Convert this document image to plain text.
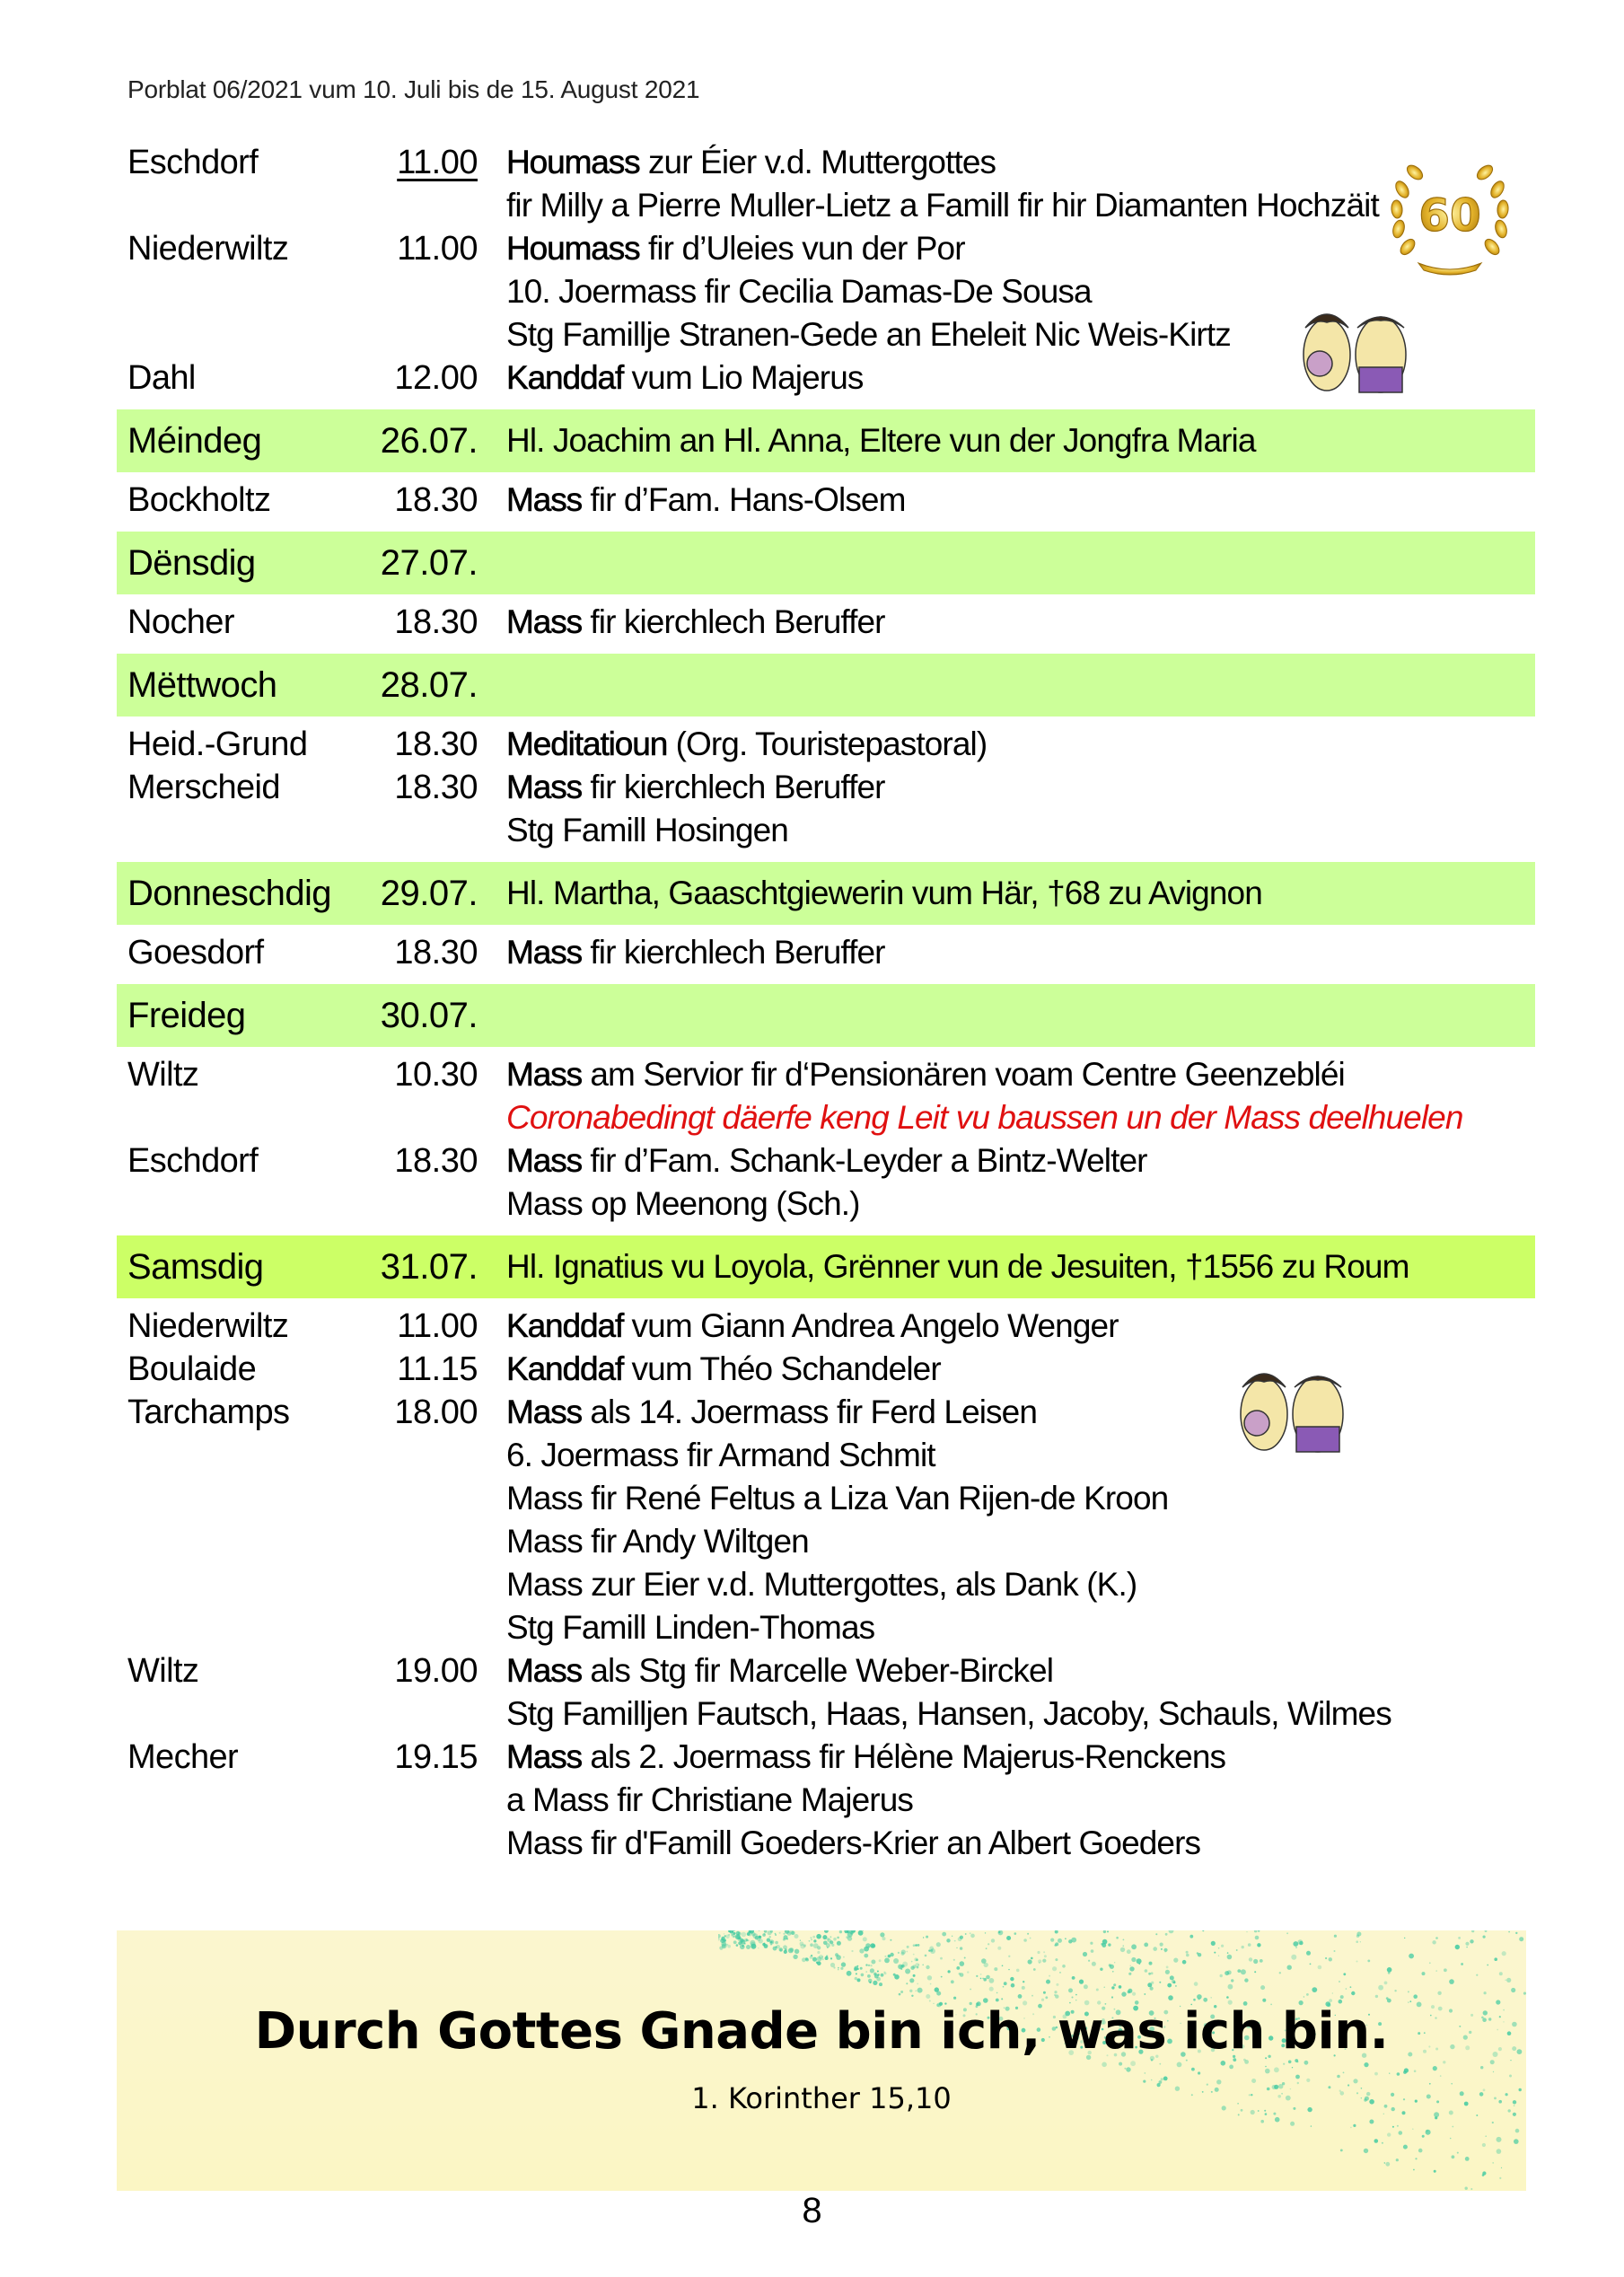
Porblat 06/2021 vum 10. Juli bis de 15. August 2021
Eschdorf	11.00 Houmass zur Éier v.d. Muttergottes
fir Milly a Pierre Muller-Lietz a Famill fir hir Diamanten Hochzäit
Niederwiltz	11.00 Houmass fir d’Uleies vun der Por
10. Joermass fir Cecilia Damas-De Sousa
Stg Famillje Stranen-Gede an Eheleit Nic Weis-Kirtz
Dahl	12.00 Kanddaf vum Lio Majerus
Méindeg	26.07. Hl. Joachim an Hl. Anna, Eltere vun der Jongfra Maria
Bockholtz	18.30 Mass fir d’Fam. Hans-Olsem
Dënsdig	27.07.
Nocher	18.30 Mass fir kierchlech Beruffer
Mëttwoch	28.07.
Heid.-Grund	18.30 Meditatioun (Org. Touristepastoral)
Merscheid	18.30 Mass fir kierchlech Beruffer
Stg Famill Hosingen
Donneschdig	29.07. Hl. Martha, Gaaschtgiewerin vum Här, †68 zu Avignon
Goesdorf	18.30 Mass fir kierchlech Beruffer
Freideg	30.07.
Wiltz	10.30 Mass am Servior fir d‘Pensionären voam Centre Geenzebléi
Coronabedingt däerfe keng Leit vu baussen un der Mass deelhuelen
Eschdorf	18.30 Mass fir d’Fam. Schank-Leyder a Bintz-Welter
Mass op Meenong (Sch.)
Samsdig	31.07. Hl. Ignatius vu Loyola, Grënner vun de Jesuiten, †1556 zu Roum
Niederwiltz	11.00 Kanddaf vum Giann Andrea Angelo Wenger
Boulaide	11.15 Kanddaf vum Théo Schandeler
Tarchamps	18.00 Mass als 14. Joermass fir Ferd Leisen
6. Joermass fir Armand Schmit
Mass fir René Feltus a Liza Van Rijen-de Kroon
Mass fir Andy Wiltgen
Mass zur Eier v.d. Muttergottes, als Dank (K.)
Stg Famill Linden-Thomas
Wiltz	19.00 Mass als Stg fir Marcelle Weber-Birckel
Stg Familljen Fautsch, Haas, Hansen, Jacoby, Schauls, Wilmes
Mecher	19.15 Mass als 2. Joermass fir Hélène Majerus-Renckens
a Mass fir Christiane Majerus
Mass fir d'Famill Goeders-Krier an Albert Goeders
60
Durch Gottes Gnade bin ich, was ich bin.
1. Korinther 15,10
8
